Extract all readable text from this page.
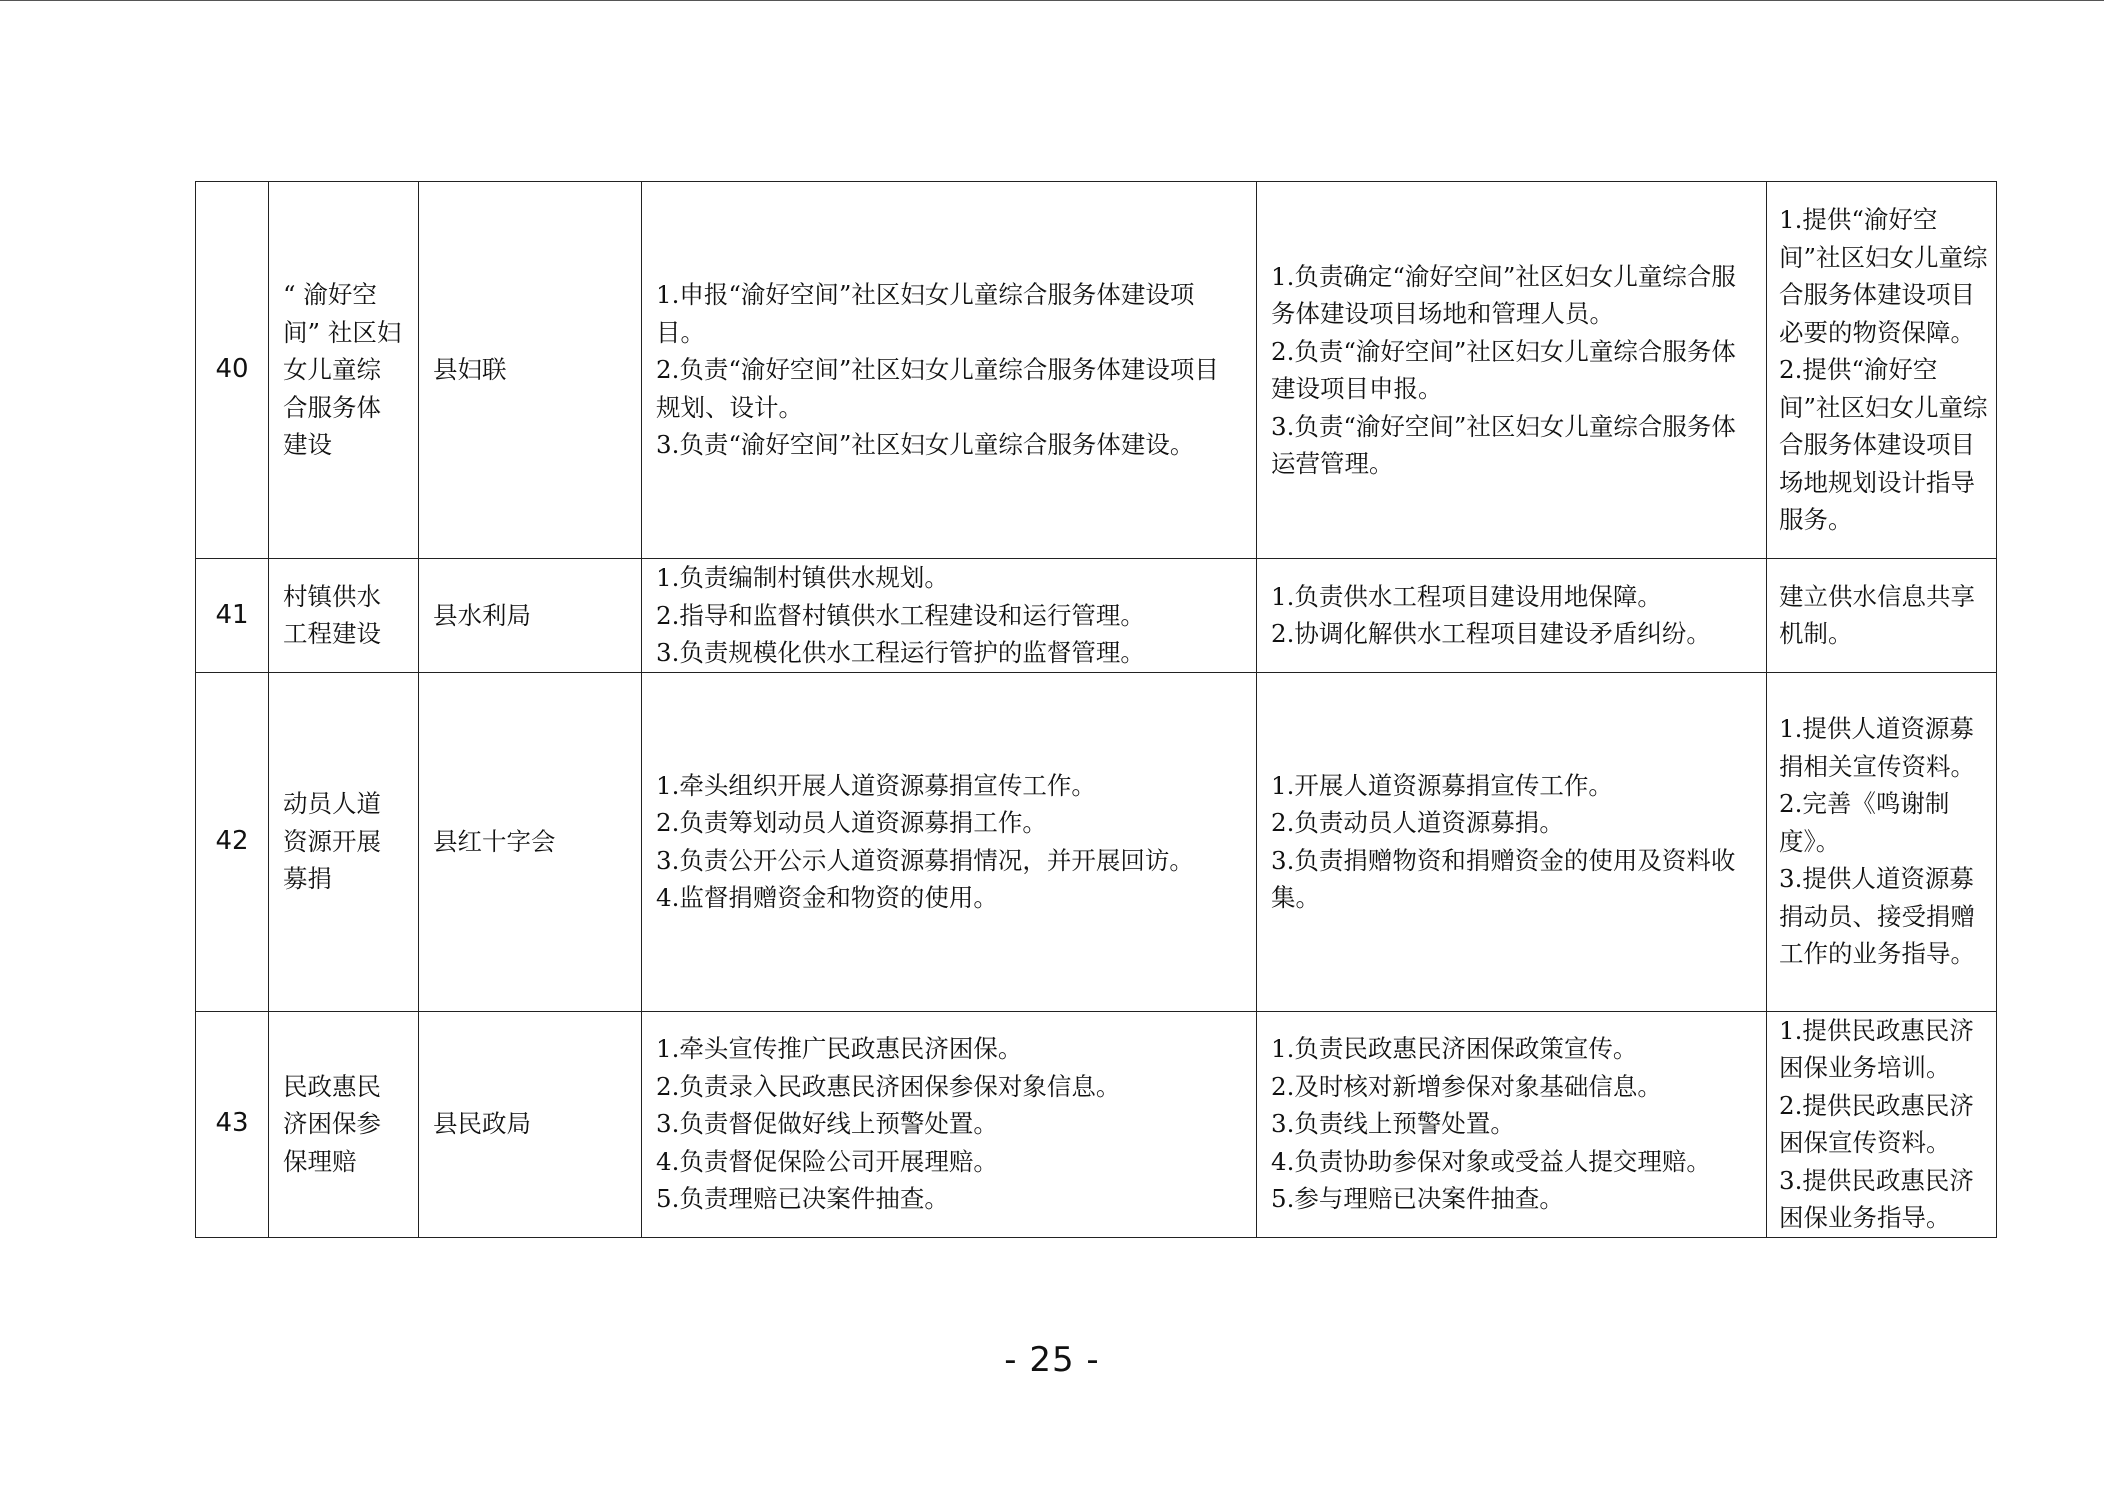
40	“ 渝好空间” 社区妇女儿童综合服务体建设	县妇联	1.申报“渝好空间”社区妇女儿童综合服务体建设项目。
2.负责“渝好空间”社区妇女儿童综合服务体建设项目规划、设计。
3.负责“渝好空间”社区妇女儿童综合服务体建设。	1.负责确定“渝好空间”社区妇女儿童综合服务体建设项目场地和管理人员。
2.负责“渝好空间”社区妇女儿童综合服务体建设项目申报。
3.负责“渝好空间”社区妇女儿童综合服务体运营管理。	1.提供“渝好空间”社区妇女儿童综合服务体建设项目必要的物资保障。
2.提供“渝好空间”社区妇女儿童综合服务体建设项目场地规划设计指导服务。

41	村镇供水工程建设	县水利局	1.负责编制村镇供水规划。
2.指导和监督村镇供水工程建设和运行管理。
3.负责规模化供水工程运行管护的监督管理。	1.负责供水工程项目建设用地保障。
2.协调化解供水工程项目建设矛盾纠纷。	建立供水信息共享机制。

42	动员人道资源开展募捐	县红十字会	1.牵头组织开展人道资源募捐宣传工作。
2.负责筹划动员人道资源募捐工作。
3.负责公开公示人道资源募捐情况，并开展回访。
4.监督捐赠资金和物资的使用。	1.开展人道资源募捐宣传工作。
2.负责动员人道资源募捐。
3.负责捐赠物资和捐赠资金的使用及资料收集。	1.提供人道资源募捐相关宣传资料。
2.完善《鸣谢制度》。
3.提供人道资源募捐动员、接受捐赠工作的业务指导。

43	民政惠民济困保参保理赔	县民政局	1.牵头宣传推广民政惠民济困保。
2.负责录入民政惠民济困保参保对象信息。
3.负责督促做好线上预警处置。
4.负责督促保险公司开展理赔。
5.负责理赔已决案件抽查。	1.负责民政惠民济困保政策宣传。
2.及时核对新增参保对象基础信息。
3.负责线上预警处置。
4.负责协助参保对象或受益人提交理赔。
5.参与理赔已决案件抽查。	1.提供民政惠民济困保业务培训。
2.提供民政惠民济困保宣传资料。
3.提供民政惠民济困保业务指导。
- 25 -
